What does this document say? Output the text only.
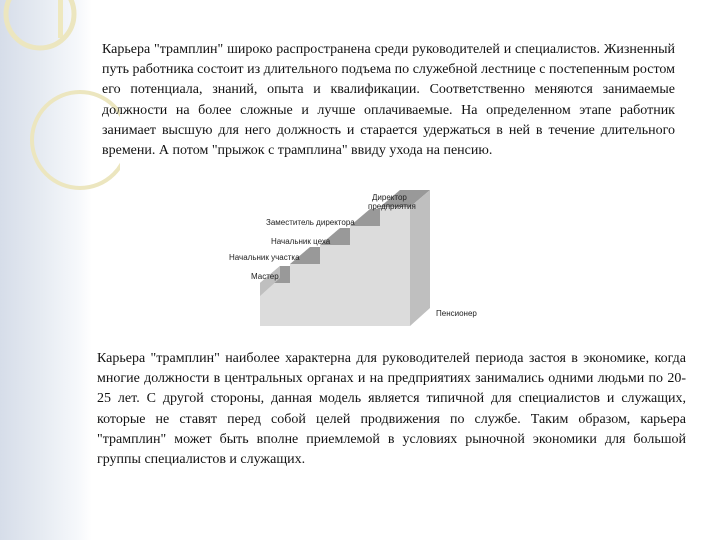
Карьера "трамплин" широко распространена среди руководителей и специалистов. Жизненный путь работника состоит из длительного подъема по служебной лестнице с постепенным ростом его потенциала, знаний, опыта и квалификации. Соответственно меняются занимаемые должности на более сложные и лучше оплачиваемые. На определенном этапе работник занимает высшую для него должность и старается удержаться в ней в течение длительного времени. А потом "прыжок с трамплина" ввиду ухода на пенсию.

Мастер
Начальник участка
Начальник цеха
Заместитель директора
Директор
предприятия
Пенсионер

Карьера "трамплин" наиболее характерна для руководителей периода застоя в экономике, когда многие должности в центральных органах и на предприятиях занимались одними людьми по 20-25 лет. С другой стороны, данная модель является типичной для специалистов и служащих, которые не ставят перед собой целей продвижения по службе. Таким образом, карьера "трамплин" может быть вполне приемлемой в условиях рыночной экономики для большой группы специалистов и служащих.
